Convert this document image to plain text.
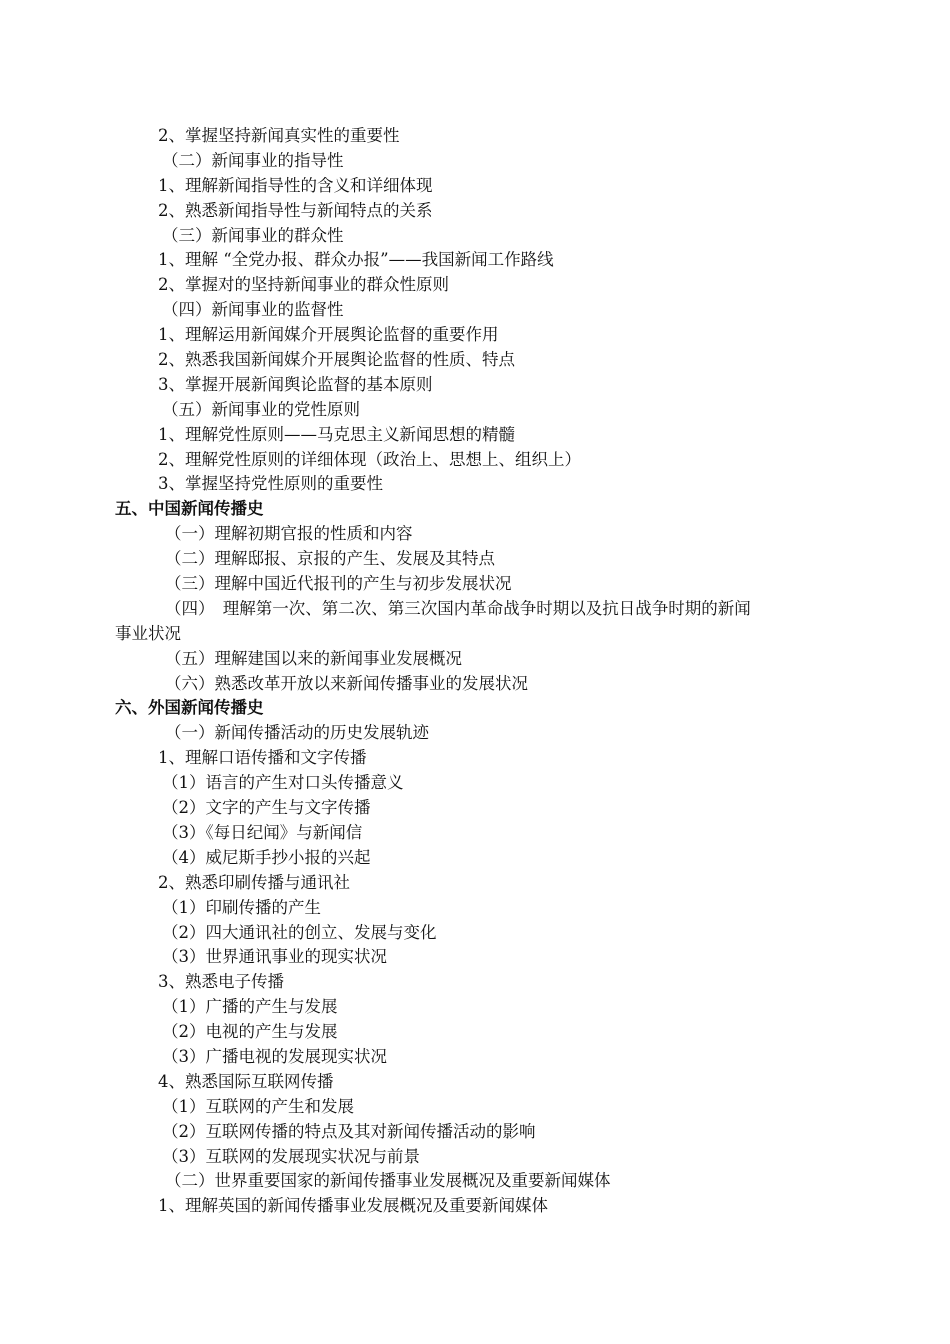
2、掌握坚持新闻真实性的重要性
（二）新闻事业的指导性
1、理解新闻指导性的含义和详细体现
2、熟悉新闻指导性与新闻特点的关系
（三）新闻事业的群众性
1、理解 “全党办报、群众办报”——我国新闻工作路线
2、掌握对的坚持新闻事业的群众性原则
（四）新闻事业的监督性
1、理解运用新闻媒介开展舆论监督的重要作用
2、熟悉我国新闻媒介开展舆论监督的性质、特点
3、掌握开展新闻舆论监督的基本原则
（五）新闻事业的党性原则
1、理解党性原则——马克思主义新闻思想的精髓
2、理解党性原则的详细体现（政治上、思想上、组织上）
3、掌握坚持党性原则的重要性
五、中国新闻传播史
（一）理解初期官报的性质和内容
（二）理解邸报、京报的产生、发展及其特点
（三）理解中国近代报刊的产生与初步发展状况
（四）　理解第一次、第二次、第三次国内革命战争时期以及抗日战争时期的新闻
事业状况
（五）理解建国以来的新闻事业发展概况
（六）熟悉改革开放以来新闻传播事业的发展状况
六、外国新闻传播史
（一）新闻传播活动的历史发展轨迹
1、理解口语传播和文字传播
（1）语言的产生对口头传播意义
（2）文字的产生与文字传播
（3）《每日纪闻》与新闻信
（4）威尼斯手抄小报的兴起
2、熟悉印刷传播与通讯社
（1）印刷传播的产生
（2）四大通讯社的创立、发展与变化
（3）世界通讯事业的现实状况
3、熟悉电子传播
（1）广播的产生与发展
（2）电视的产生与发展
（3）广播电视的发展现实状况
4、熟悉国际互联网传播
（1）互联网的产生和发展
（2）互联网传播的特点及其对新闻传播活动的影响
（3）互联网的发展现实状况与前景
（二）世界重要国家的新闻传播事业发展概况及重要新闻媒体
1、理解英国的新闻传播事业发展概况及重要新闻媒体
